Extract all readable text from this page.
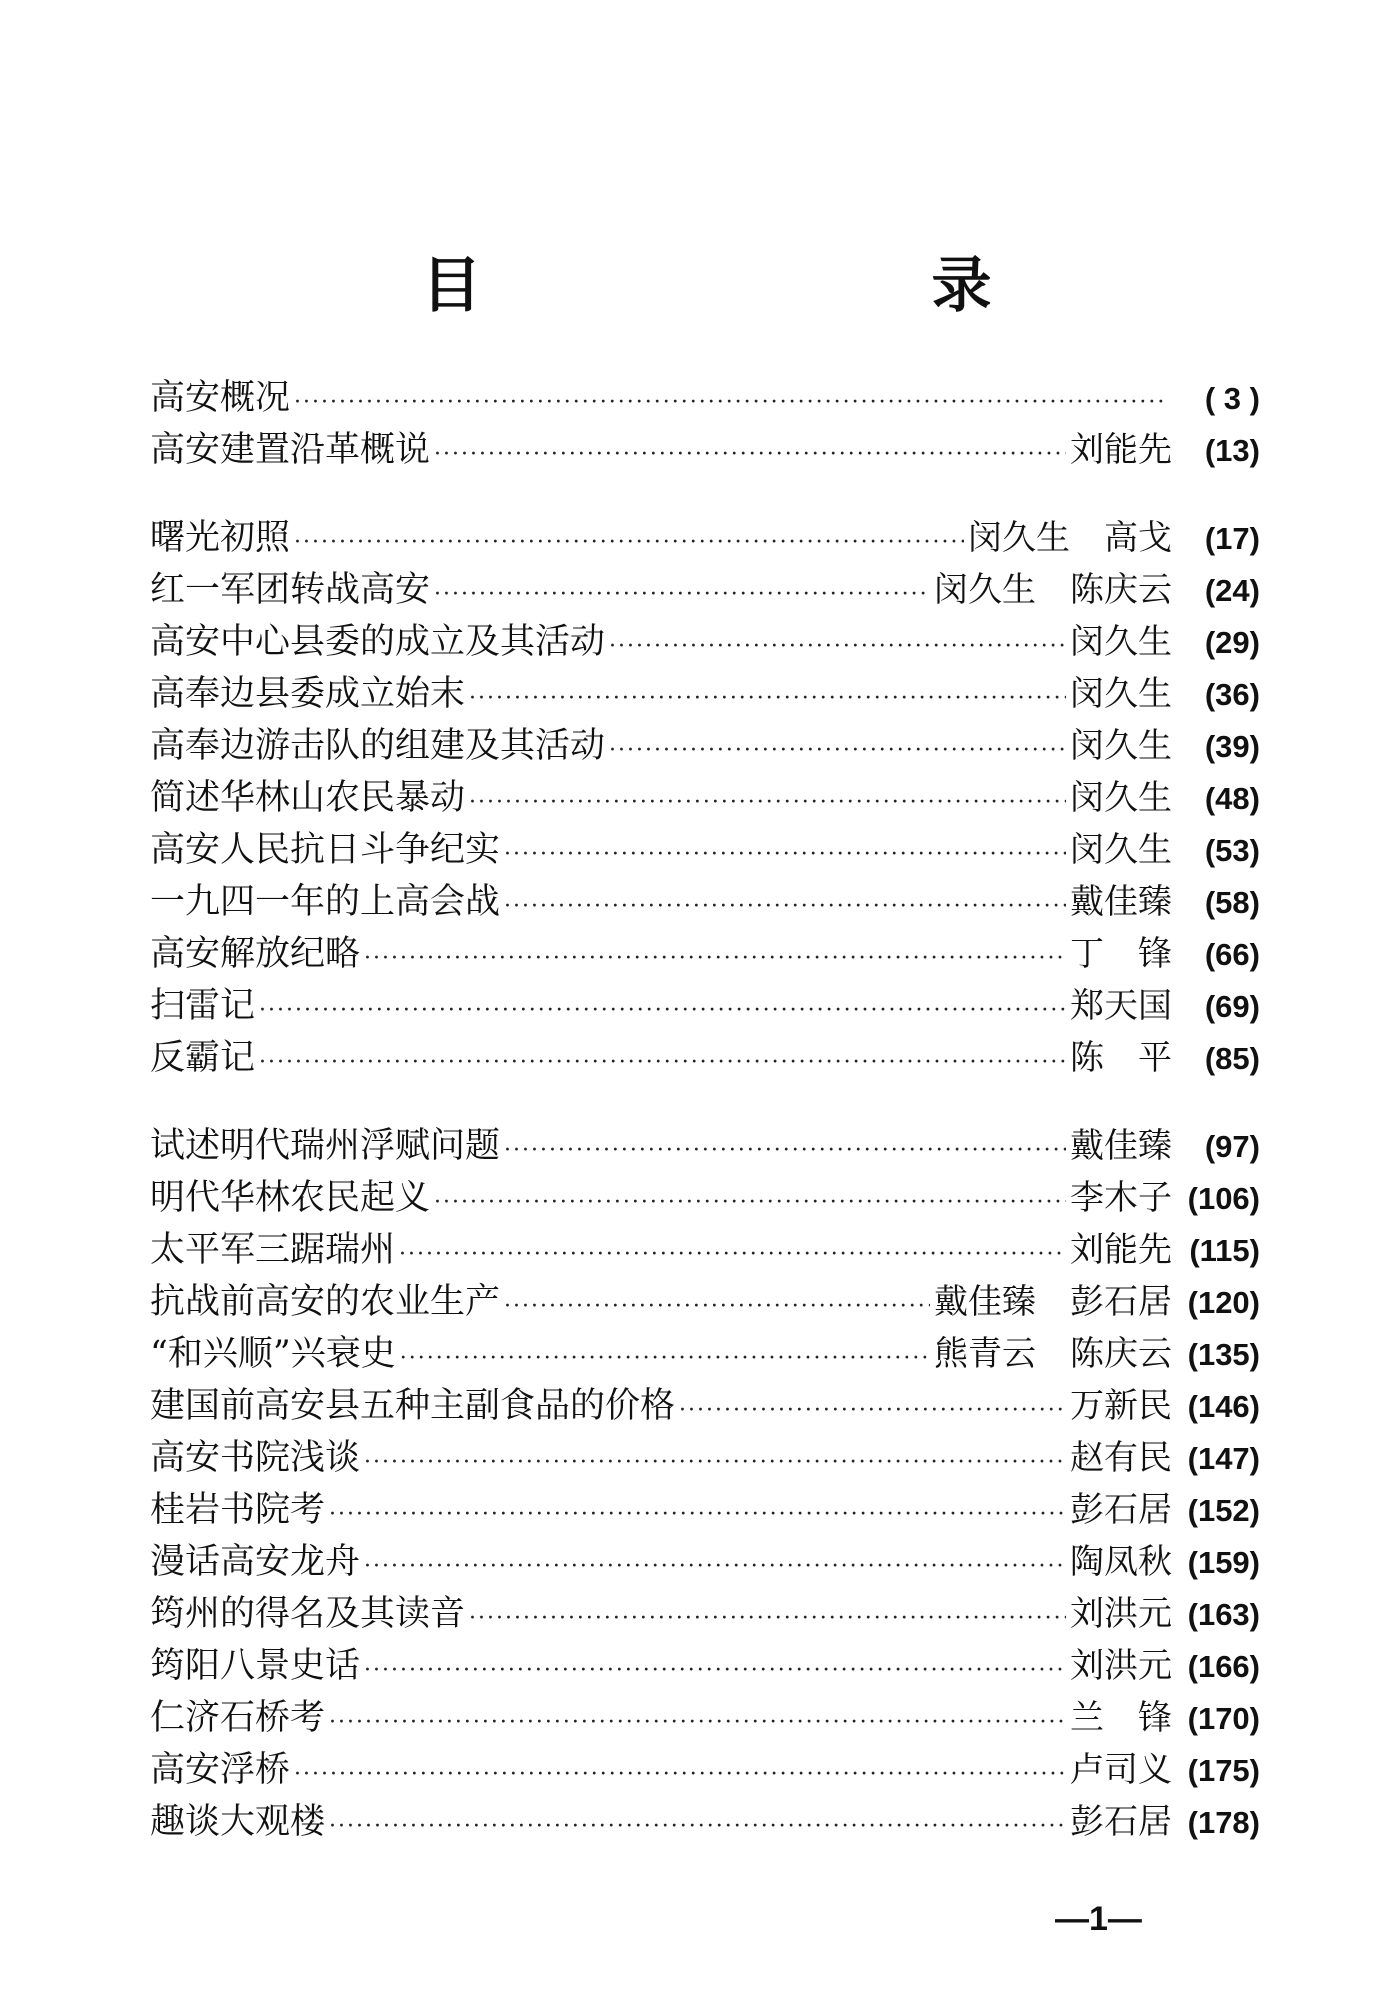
目　　录
高安概况 ·····	( 3 )
高安建置沿革概说 ·····	刘能先	(13)
曙光初照 ·····	闵久生　高戈	(17)
红一军团转战高安 ·····	闵久生　陈庆云	(24)
高安中心县委的成立及其活动 ·····	闵久生	(29)
高奉边县委成立始末 ·····	闵久生	(36)
高奉边游击队的组建及其活动 ·····	闵久生	(39)
简述华林山农民暴动 ·····	闵久生	(48)
高安人民抗日斗争纪实 ·····	闵久生	(53)
一九四一年的上高会战 ·····	戴佳臻	(58)
高安解放纪略 ·····	丁　锋	(66)
扫雷记 ·····	郑天国	(69)
反霸记 ·····	陈　平	(85)
试述明代瑞州浮赋问题 ·····	戴佳臻	(97)
明代华林农民起义 ·····	李木子 (106)
太平军三踞瑞州 ·····	刘能先 (115)
抗战前高安的农业生产 ·····	戴佳臻　彭石居 (120)
“和兴顺”兴衰史 ·····	熊青云　陈庆云 (135)
建国前高安县五种主副食品的价格 ·····	万新民 (146)
高安书院浅谈 ·····	赵有民 (147)
桂岩书院考 ·····	彭石居 (152)
漫话高安龙舟 ·····	陶凤秋 (159)
筠州的得名及其读音 ·····	刘洪元 (163)
筠阳八景史话 ·····	刘洪元 (166)
仁济石桥考 ·····	兰　锋 (170)
高安浮桥 ·····	卢司义 (175)
趣谈大观楼 ·····	彭石居 (178)
—1—
